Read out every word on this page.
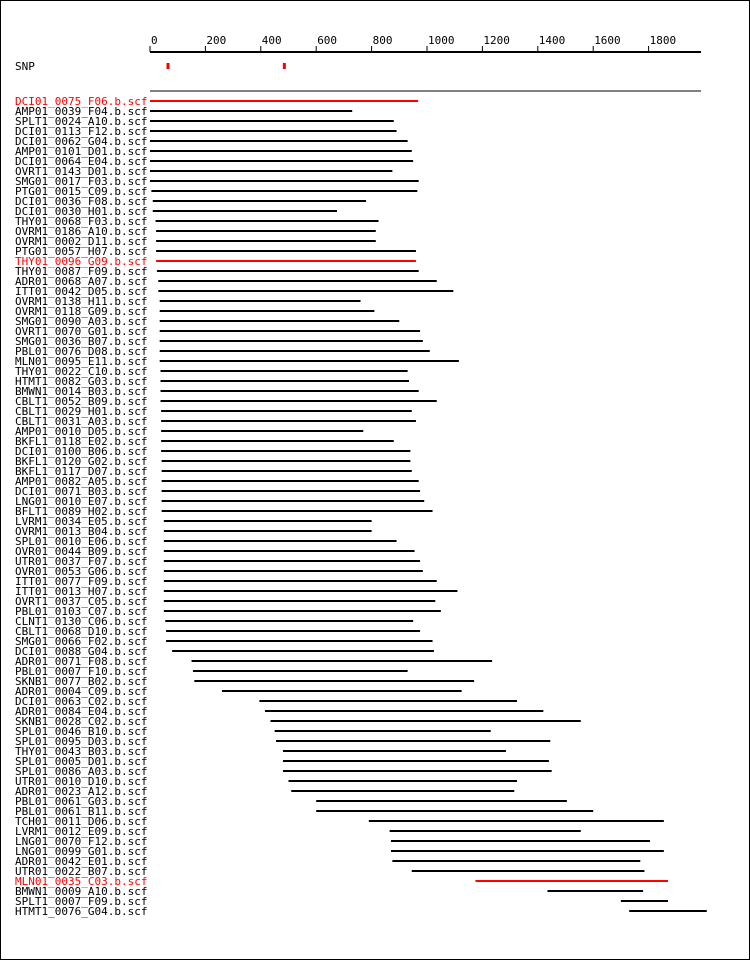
0	200	400	600	800	1000	1200	1400	1600	1800
SNP
DCI01_0075_F06.b.scf
AMP01_0039_F04.b.scf
SPLT1_0024_A10.b.scf
DCI01_0113_F12.b.scf
DCI01_0062_G04.b.scf
AMP01_0101_D01.b.scf
DCI01_0064_E04.b.scf
OVRT1_0143_D01.b.scf
SMG01_0017_F03.b.scf
PTG01_0015_C09.b.scf
DCI01_0036_F08.b.scf
DCI01_0030_H01.b.scf
THY01_0068_F03.b.scf
OVRM1_0186_A10.b.scf
OVRM1_0002_D11.b.scf
PTG01_0057_H07.b.scf
THY01_0096_G09.b.scf
THY01_0087_F09.b.scf
ADR01_0068_A07.b.scf
ITT01_0042_D05.b.scf
OVRM1_0138_H11.b.scf
OVRM1_0118_G09.b.scf
SMG01_0090_A03.b.scf
OVRT1_0070_G01.b.scf
SMG01_0036_B07.b.scf
PBL01_0076_D08.b.scf
MLN01_0095_E11.b.scf
THY01_0022_C10.b.scf
HTMT1_0082_G03.b.scf
BMWN1_0014_B03.b.scf
CBLT1_0052_B09.b.scf
CBLT1_0029_H01.b.scf
CBLT1_0031_A03.b.scf
AMP01_0010_D05.b.scf
BKFL1_0118_E02.b.scf
DCI01_0100_B06.b.scf
BKFL1_0120_G02.b.scf
BKFL1_0117_D07.b.scf
AMP01_0082_A05.b.scf
DCI01_0071_B03.b.scf
LNG01_0010_E07.b.scf
BFLT1_0089_H02.b.scf
LVRM1_0034_E05.b.scf
OVRM1_0013_B04.b.scf
SPL01_0010_E06.b.scf
OVR01_0044_B09.b.scf
UTR01_0037_F07.b.scf
OVR01_0053_G06.b.scf
ITT01_0077_F09.b.scf
ITT01_0013_H07.b.scf
OVRT1_0037_C05.b.scf
PBL01_0103_C07.b.scf
CLNT1_0130_C06.b.scf
CBLT1_0068_D10.b.scf
SMG01_0066_F02.b.scf
DCI01_0088_G04.b.scf
ADR01_0071_F08.b.scf
PBL01_0007_F10.b.scf
SKNB1_0077_B02.b.scf
ADR01_0004_C09.b.scf
DCI01_0063_C02.b.scf
ADR01_0084_E04.b.scf
SKNB1_0028_C02.b.scf
SPL01_0046_B10.b.scf
SPL01_0095_D03.b.scf
THY01_0043_B03.b.scf
SPL01_0005_D01.b.scf
SPL01_0086_A03.b.scf
UTR01_0010_D10.b.scf
ADR01_0023_A12.b.scf
PBL01_0061_G03.b.scf
PBL01_0061_B11.b.scf
TCH01_0011_D06.b.scf
LVRM1_0012_E09.b.scf
LNG01_0070_F12.b.scf
LNG01_0099_G01.b.scf
ADR01_0042_E01.b.scf
UTR01_0022_B07.b.scf
MLN01_0035_C03.b.scf
BMWN1_0009_A10.b.scf
SPLT1_0007_F09.b.scf
HTMT1_0076_G04.b.scf
